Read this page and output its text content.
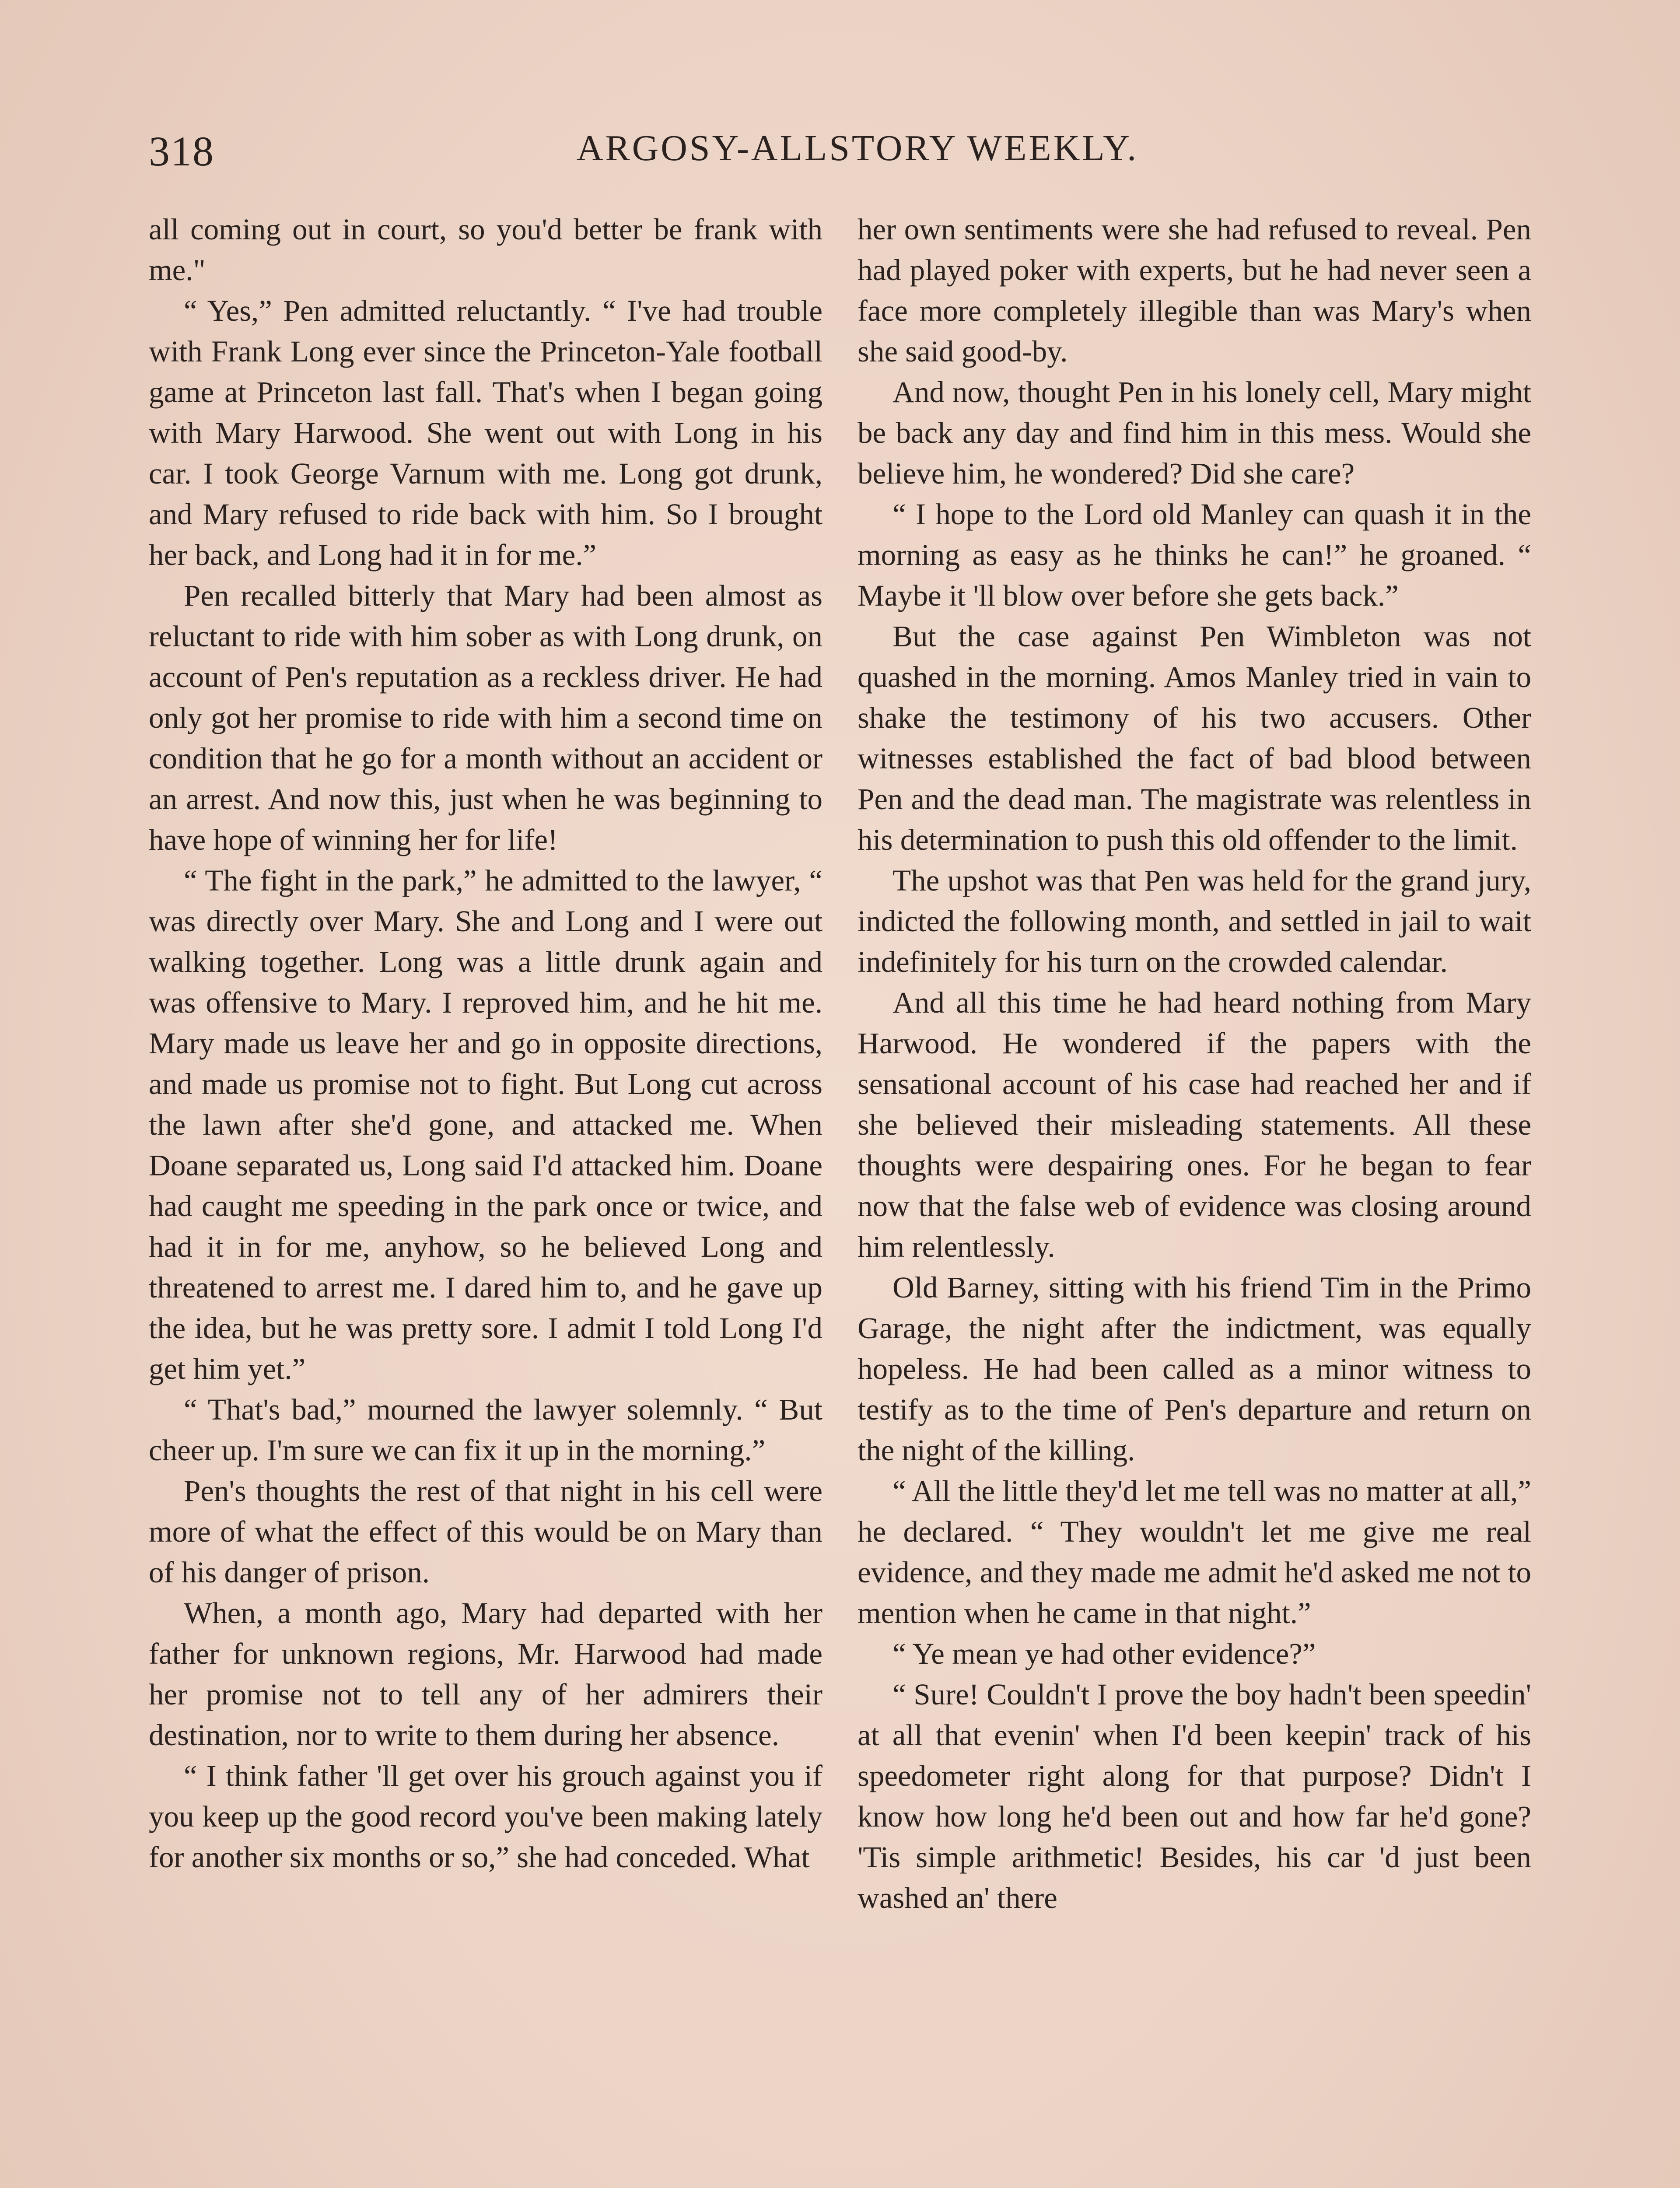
318	ARGOSY-ALLSTORY WEEKLY.

all coming out in court, so you'd better be frank with me."

“ Yes,” Pen admitted reluctantly. “ I've had trouble with Frank Long ever since the Princeton-Yale football game at Princeton last fall. That's when I began going with Mary Harwood. She went out with Long in his car. I took George Varnum with me. Long got drunk, and Mary refused to ride back with him. So I brought her back, and Long had it in for me.”

Pen recalled bitterly that Mary had been almost as reluctant to ride with him sober as with Long drunk, on account of Pen's reputation as a reckless driver. He had only got her promise to ride with him a second time on condition that he go for a month without an accident or an arrest. And now this, just when he was beginning to have hope of winning her for life!

“ The fight in the park,” he admitted to the lawyer, “ was directly over Mary. She and Long and I were out walking together. Long was a little drunk again and was offensive to Mary. I reproved him, and he hit me. Mary made us leave her and go in opposite directions, and made us promise not to fight. But Long cut across the lawn after she'd gone, and attacked me. When Doane separated us, Long said I'd attacked him. Doane had caught me speeding in the park once or twice, and had it in for me, anyhow, so he believed Long and threatened to arrest me. I dared him to, and he gave up the idea, but he was pretty sore. I admit I told Long I'd get him yet.”

“ That's bad,” mourned the lawyer solemnly. “ But cheer up. I'm sure we can fix it up in the morning.”

Pen's thoughts the rest of that night in his cell were more of what the effect of this would be on Mary than of his danger of prison.

When, a month ago, Mary had departed with her father for unknown regions, Mr. Harwood had made her promise not to tell any of her admirers their destination, nor to write to them during her absence.

“ I think father 'll get over his grouch against you if you keep up the good record you've been making lately for another six months or so,” she had conceded. What

her own sentiments were she had refused to reveal. Pen had played poker with experts, but he had never seen a face more completely illegible than was Mary's when she said good-by.

And now, thought Pen in his lonely cell, Mary might be back any day and find him in this mess. Would she believe him, he wondered? Did she care?

“ I hope to the Lord old Manley can quash it in the morning as easy as he thinks he can!” he groaned. “ Maybe it 'll blow over before she gets back.”

But the case against Pen Wimbleton was not quashed in the morning. Amos Manley tried in vain to shake the testimony of his two accusers. Other witnesses established the fact of bad blood between Pen and the dead man. The magistrate was relentless in his determination to push this old offender to the limit.

The upshot was that Pen was held for the grand jury, indicted the following month, and settled in jail to wait indefinitely for his turn on the crowded calendar.

And all this time he had heard nothing from Mary Harwood. He wondered if the papers with the sensational account of his case had reached her and if she believed their misleading statements. All these thoughts were despairing ones. For he began to fear now that the false web of evidence was closing around him relentlessly.

Old Barney, sitting with his friend Tim in the Primo Garage, the night after the indictment, was equally hopeless. He had been called as a minor witness to testify as to the time of Pen's departure and return on the night of the killing.

“ All the little they'd let me tell was no matter at all,” he declared. “ They wouldn't let me give me real evidence, and they made me admit he'd asked me not to mention when he came in that night.”

“ Ye mean ye had other evidence?”

“ Sure! Couldn't I prove the boy hadn't been speedin' at all that evenin' when I'd been keepin' track of his speedometer right along for that purpose? Didn't I know how long he'd been out and how far he'd gone? 'Tis simple arithmetic! Besides, his car 'd just been washed an' there
